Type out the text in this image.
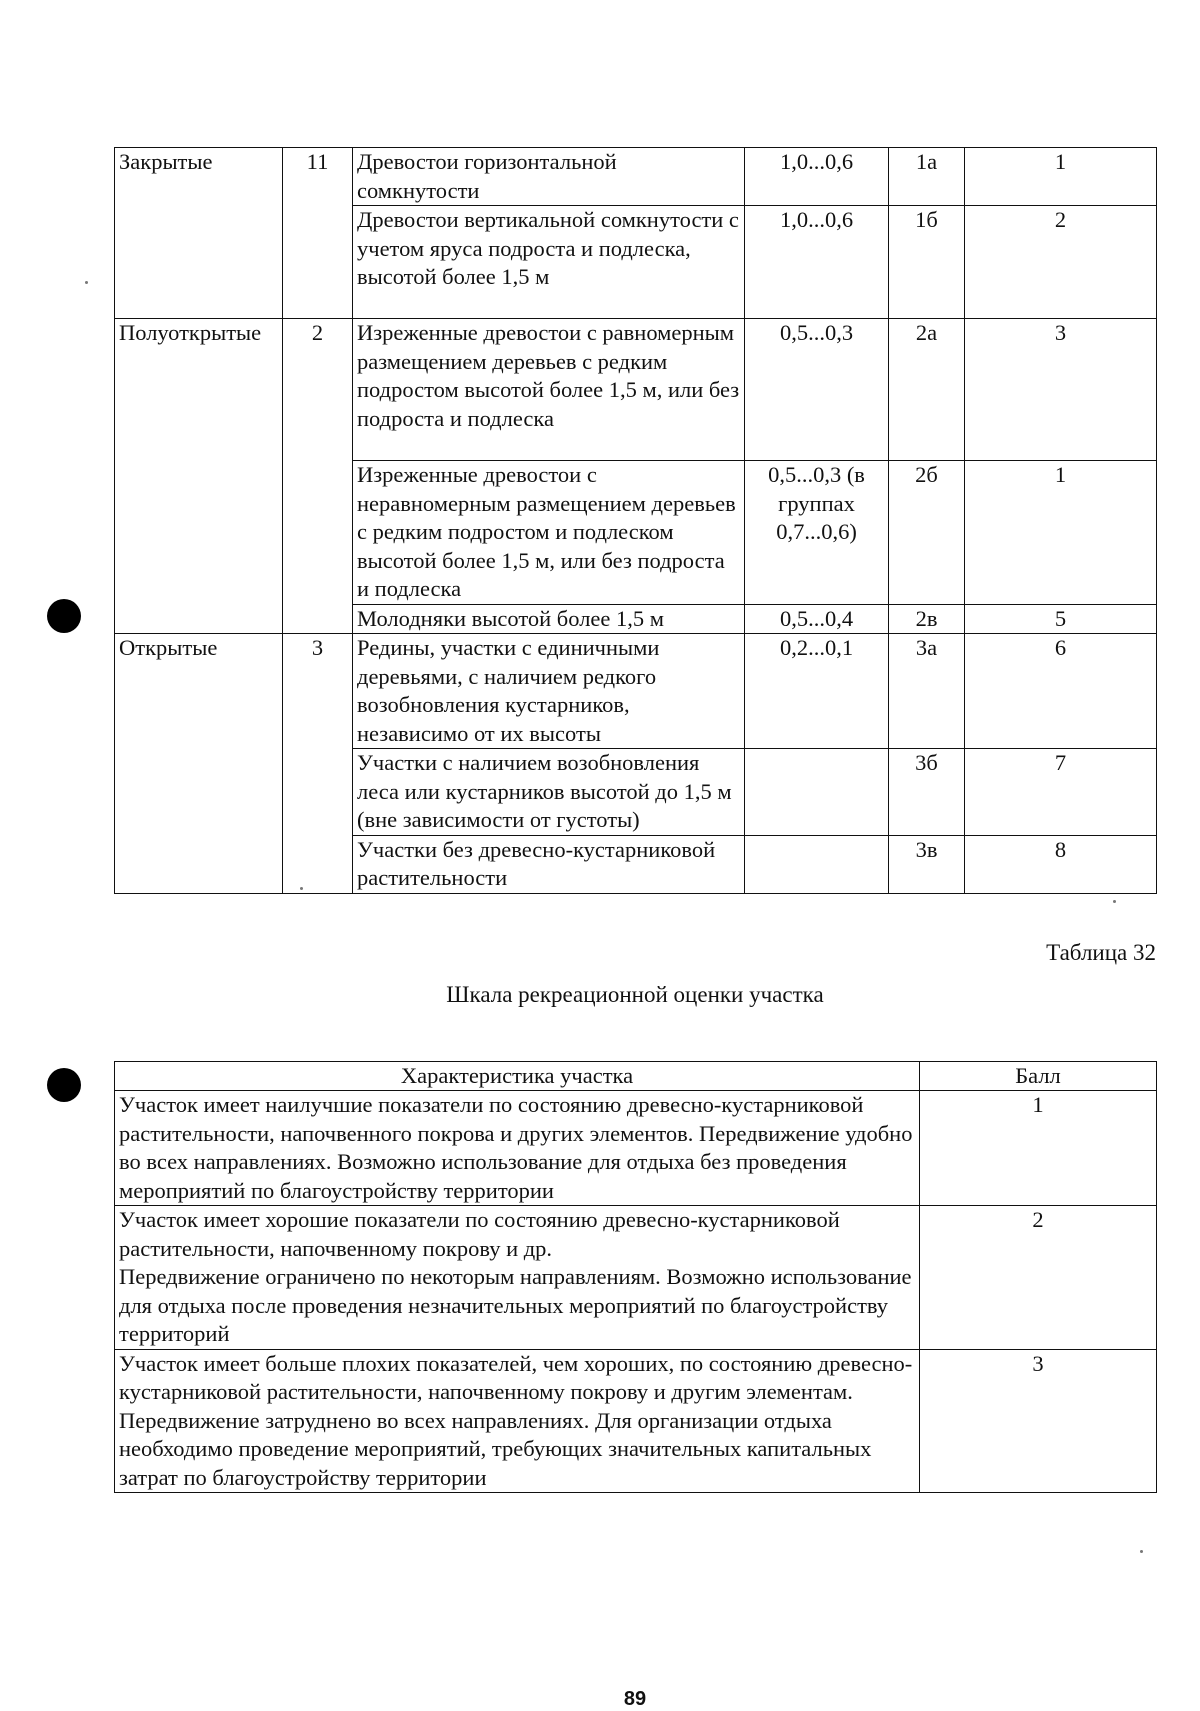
Закрытые	11	Древостои горизонтальной сомкнутости	1,0...0,6	1а	1
		Древостои вертикальной сомкнутости с учетом яруса подроста и подлеска, высотой более 1,5 м	1,0...0,6	1б	2
Полуоткрытые	2	Изреженные древостои с равномерным размещением деревьев с редким подростом высотой более 1,5 м, или без подроста и подлеска	0,5...0,3	2а	3
		Изреженные древостои с неравномерным размещением деревьев с редким подростом и подлеском высотой более 1,5 м, или без подроста и подлеска	0,5...0,3 (в группах 0,7...0,6)	2б	1
		Молодняки высотой более 1,5 м	0,5...0,4	2в	5
Открытые	3	Редины, участки с единичными деревьями, с наличием редкого возобновления кустарников, независимо от их высоты	0,2...0,1	3а	6
		Участки с наличием возобновления леса или кустарников высотой до 1,5 м (вне зависимости от густоты)		3б	7
		Участки без древесно-кустарниковой растительности		3в	8
Таблица 32
Шкала рекреационной оценки участка
Характеристика участка	Балл
Участок имеет наилучшие показатели по состоянию древесно-кустарниковой растительности, напочвенного покрова и других элементов. Передвижение удобно во всех направлениях. Возможно использование для отдыха без проведения мероприятий по благоустройству территории	1

Участок имеет хорошие показатели по состоянию древесно-кустарниковой растительности, напочвенному покрову и др.
Передвижение ограничено по некоторым направлениям. Возможно использование для отдыха после проведения незначительных мероприятий по благоустройству территорий	2
Участок имеет больше плохих показателей, чем хороших, по состоянию древесно-кустарниковой растительности, напочвенному покрову и другим элементам. Передвижение затруднено во всех направлениях. Для организации отдыха необходимо проведение мероприятий, требующих значительных капитальных затрат по благоустройству территории	3
89
